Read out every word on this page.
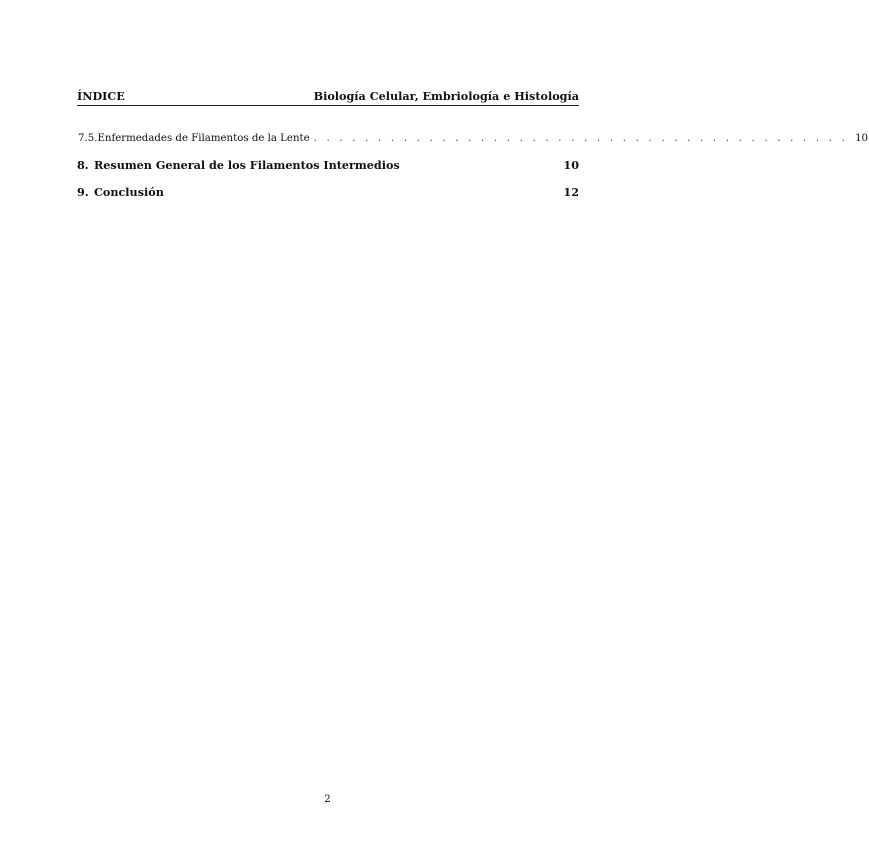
ÍNDICE	Biología Celular, Embriología e Histología
7.5. Enfermedades de Filamentos de la Lente . . . . . . . . . . . . . . . . . . . . . . . . . . . . . . . . . . . . . . . . . . 10
8. Resumen General de los Filamentos Intermedios	10
9. Conclusión	12
2
